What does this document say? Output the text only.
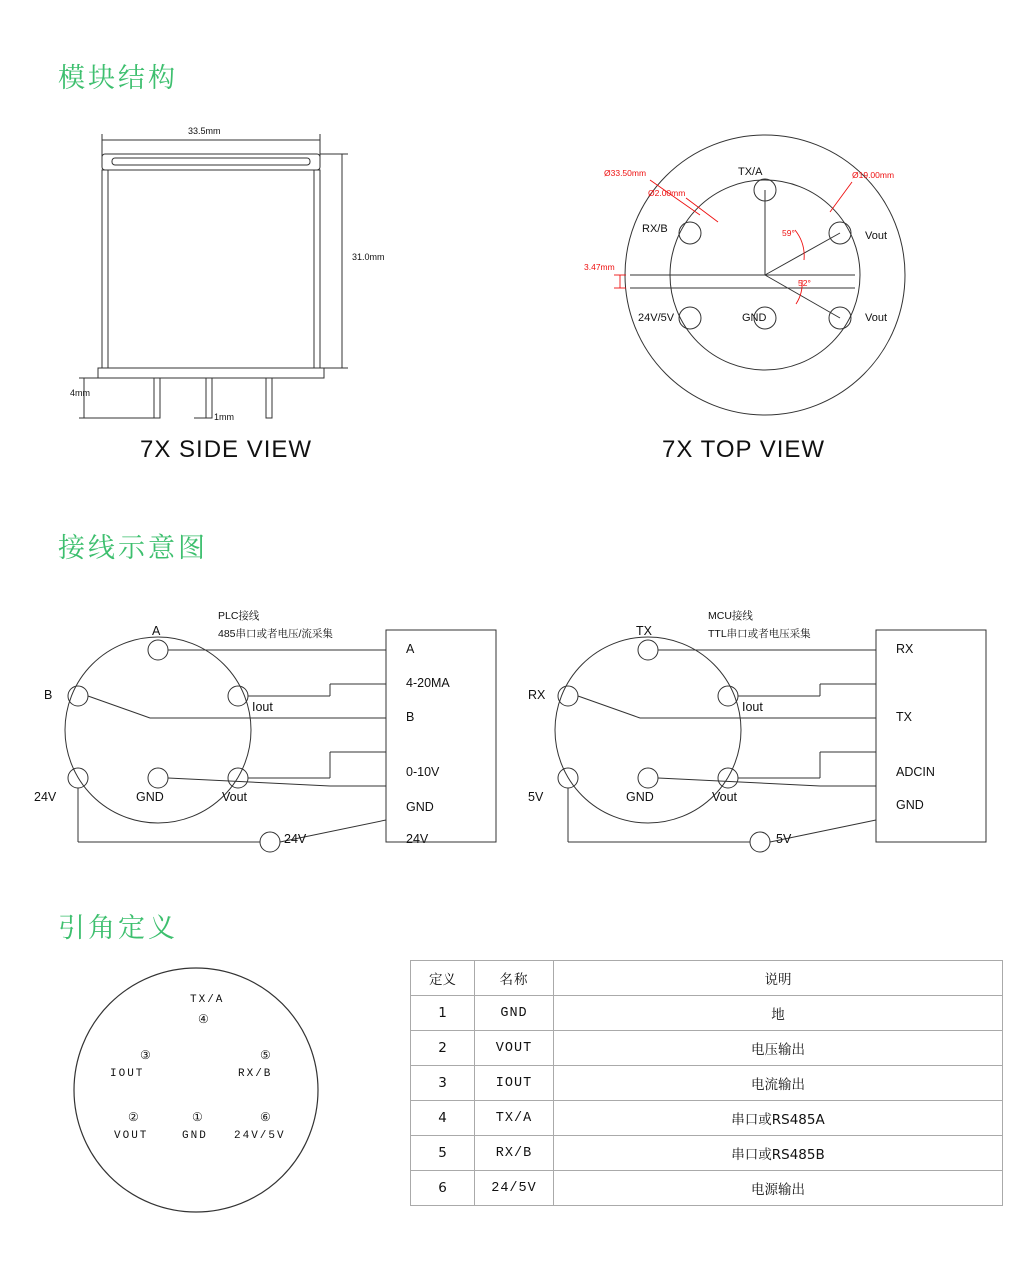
模块结构
33.5mm
31.0mm
4mm
1mm
7X SIDE VIEW
TX/A
RX/B
Vout
Vout
GND
24V/5V
Ø33.50mm
Ø2.00mm
Ø19.00mm
3.47mm
59°
52°
7X TOP VIEW
接线示意图
PLC接线
485串口或者电压/流采集
A
B
Iout
24V	GND	Vout
24V
A
4-20MA
B
0-10V
GND
24V
MCU接线
TTL串口或者电压采集
TX
RX
Iout
5V	GND	Vout
5V
RX
TX
ADCIN
GND
引角定义
TX/A
④
③
IOUT
⑤
RX/B
②
VOUT
①
GND
⑥
24V/5V
定义	名称	说明
1	GND	地
2	VOUT	电压输出
3	IOUT	电流输出
4	TX/A	串口或RS485A
5	RX/B	串口或RS485B
6	24/5V	电源输出
